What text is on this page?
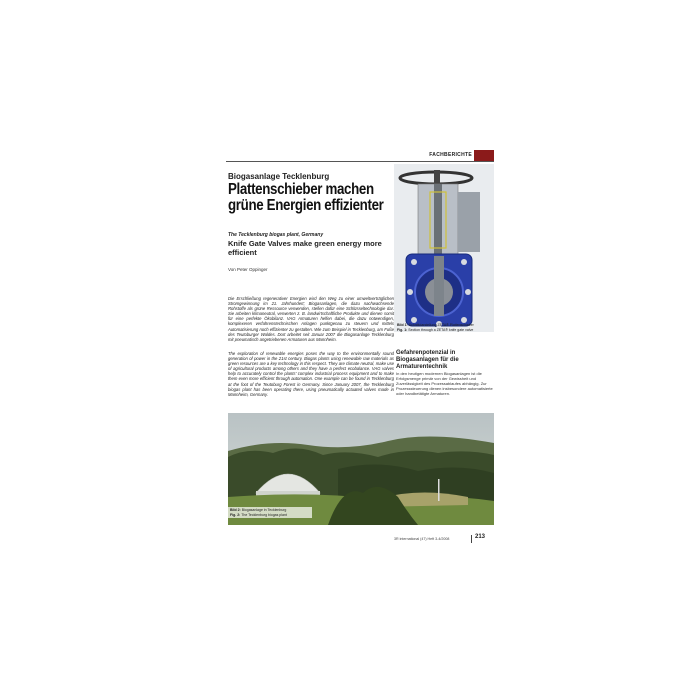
FACHBERICHTE
Biogasanlage Tecklenburg
Plattenschieber machen
grüne Energien effizienter
The Tecklenburg biogas plant, Germany
Knife Gate Valves make green energy more efficient
Von Peter Oppinger
Bild 1: Schnittdarstellung ZETA® Plattenschieber
Fig. 1: Section through a ZETA® knife gate valve
Die Erschließung regenerativer Energien wird den Weg zu einer umweltverträglichen Stromgewinnung im 21. Jahrhundert; Biogasanlagen, die dazu nachwachsende Rohstoffe als grüne Ressource verwenden, stellen dafür eine Schlüsseltechnologie dar. Sie arbeiten klimaneutral, verwerten z. B. landwirtschaftliche Produkte und dienen somit für eine perfekte Ökobilanz. VAG Armaturen helfen dabei, die dazu notwendigen, komplexeren verfahrenstechnischen Anlagen punktgenau zu steuern und mittels Automatisierung noch effizienter zu gestalten. Wie zum Beispiel in Tecklenburg, am Fuße des Teutoburger Waldes. Dort arbeitet seit Januar 2007 die Biogasanlage Tecklenburg mit pneumatisch angetriebenen Armaturen aus Mannheim.
The exploration of renewable energies poses the way to the environmentally sound generation of power in the 21st century. Biogas plants using renewable raw materials as green resources are a key technology in this respect. They are climate neutral, make use of agricultural products among others and they have a perfect ecobalance. VAG valves help to accurately control the plants' complex industrial process equipment and to make them even more efficient through automation. One example can be found in Tecklenburg at the foot of the Teutoburg Forest in Germany. Since January 2007, the Tecklenburg biogas plant has been operating there, using pneumatically actuated valves made in Mannheim, Germany.
Gefahrenpotenzial in Biogasanlagen für die Armaturentechnik
In den heutigen modernen Biogasanlagen ist die Erfolgsmenge primär von der Gewissheit und Zuverlässigkeit des Prozessablaufes abhängig. Zur Prozesssteuerung dienen insbesondere automatisierte oder handbetätigte Armaturen.
Bild 2: Biogasanlage in Tecklenburg
Fig. 2: The Tecklenburg biogas plant
3R international (47) Heft 3-4/2008	213
